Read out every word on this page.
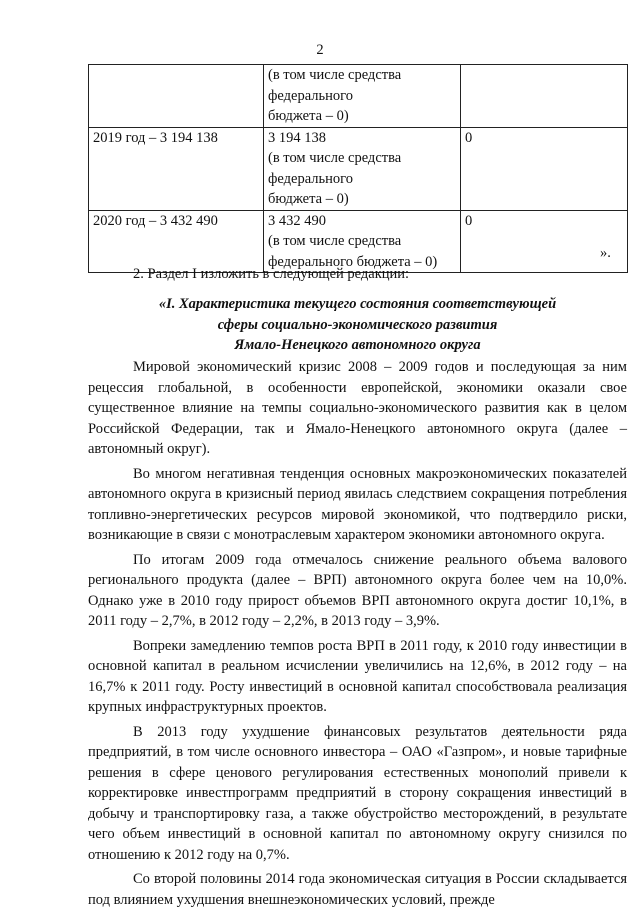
2

	(в том числе средства
федерального
бюджета – 0)	

2019 год – 3 194 138	3 194 138
(в том числе средства
федерального
бюджета – 0)	0
2020 год – 3 432 490	3 432 490
(в том числе средства
федерального бюджета – 0)	0
».
2. Раздел I изложить в следующей редакции:
«I. Характеристика текущего состояния соответствующей
сферы социально-экономического развития
Ямало-Ненецкого автономного округа

Мировой экономический кризис 2008 – 2009 годов и последующая за ним рецессия глобальной, в особенности европейской, экономики оказали свое существенное влияние на темпы социально-экономического развития как в целом Российской Федерации, так и Ямало-Ненецкого автономного округа (далее – автономный округ).

Во многом негативная тенденция основных макроэкономических показателей автономного округа в кризисный период явилась следствием сокращения потребления топливно-энергетических ресурсов мировой экономикой, что подтвердило риски, возникающие в связи с монотраслевым характером экономики автономного округа.

По итогам 2009 года отмечалось снижение реального объема валового регионального продукта (далее – ВРП) автономного округа более чем на 10,0%. Однако уже в 2010 году прирост объемов ВРП автономного округа достиг 10,1%, в 2011 году – 2,7%, в 2012 году – 2,2%, в 2013 году – 3,9%.

Вопреки замедлению темпов роста ВРП в 2011 году, к 2010 году инвестиции в основной капитал в реальном исчислении увеличились на 12,6%, в 2012 году – на 16,7% к 2011 году. Росту инвестиций в основной капитал способствовала реализация крупных инфраструктурных проектов.

В 2013 году ухудшение финансовых результатов деятельности ряда предприятий, в том числе основного инвестора – ОАО «Газпром», и новые тарифные решения в сфере ценового регулирования естественных монополий привели к корректировке инвестпрограмм предприятий в сторону сокращения инвестиций в добычу и транспортировку газа, а также обустройство месторождений, в результате чего объем инвестиций в основной капитал по автономному округу снизился по отношению к 2012 году на 0,7%.

Со второй половины 2014 года экономическая ситуация в России складывается под влиянием ухудшения внешнеэкономических условий, прежде
